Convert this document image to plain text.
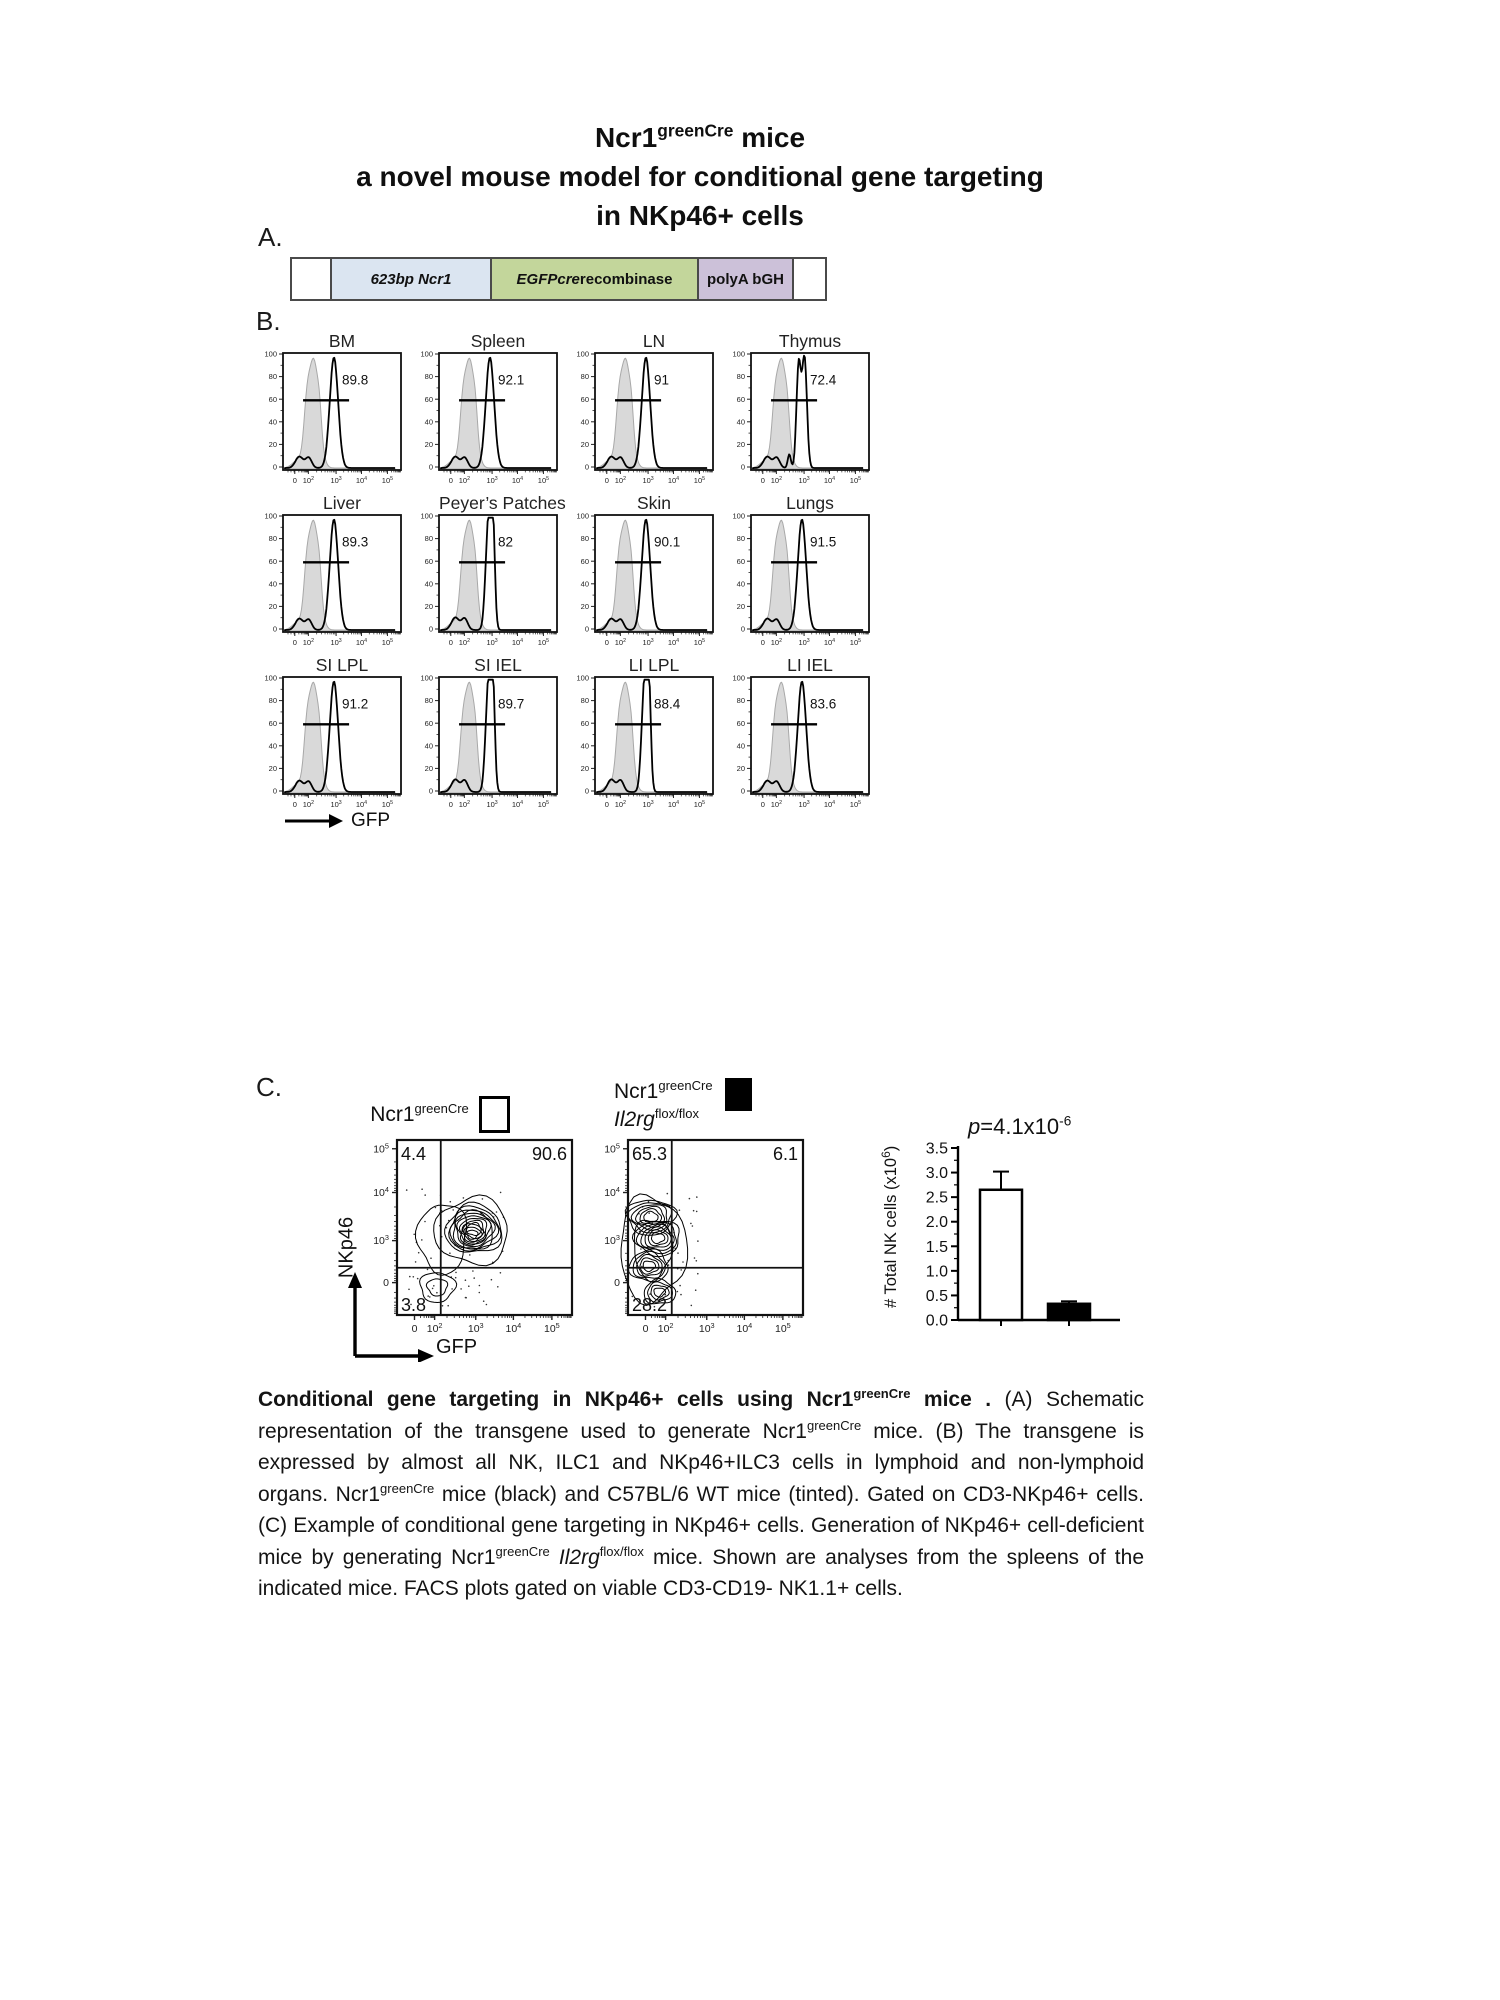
$Ncr1^{greenCre}$ mice
a novel mouse model for conditional gene targeting
in NKp46+ cells
A.
623bp Ncr1	EGFPcre recombinase polyA bGH
B.
BM
100
80
60
40
20
0
0 $10^2$ $10^3$ $10^4$ $10^5$
89.8
Spleen
100
80
60
40
20
0
0 $10^2$ $10^3$ $10^4$ $10^5$
92.1
LN
100
80
60
40
20
0
0 $10^2$ $10^3$ $10^4$ $10^5$
91
Thymus
100
80
60
40
20
0
0 $10^2$ $10^3$ $10^4$ $10^5$
72.4
Liver
100
80
60
40
20
0
0 $10^2$ $10^3$ $10^4$ $10^5$
89.3
Peyer’s Patches
100
80
60
40
20
0
0 $10^2$ $10^3$ $10^4$ $10^5$
82
Skin
100
80
60
40
20
0
0 $10^2$ $10^3$ $10^4$ $10^5$
90.1
Lungs
100
80
60
40
20
0
0 $10^2$ $10^3$ $10^4$ $10^5$
91.5
SI LPL
100
80
60
40
20
0
0 $10^2$ $10^3$ $10^4$ $10^5$
91.2
SI IEL
100
80
60
40
20
0
0 $10^2$ $10^3$ $10^4$ $10^5$
89.7
LI LPL
100
80
60
40
20
0
0 $10^2$ $10^3$ $10^4$ $10^5$
88.4
LI IEL
100
80
60
40
20
0
0 $10^2$ $10^3$ $10^4$ $10^5$
83.6
GFP
C.
$Ncr1^{greenCre}$
$Ncr1^{greenCre}$
$Il2rg^{flox/flox}$
$10^5$
$10^4$
$10^3$
0
0 $10^2$ $10^3$ $10^4$ $10^5$
4.4	90.6
3.8
$10^5$
$10^4$
$10^3$
0
0 $10^2$ $10^3$ $10^4$ $10^5$
65.3	6.1
28.2
NKp46
GFP
0.0
0.5
1.0
1.5
2.0
2.5
3.0
3.5
# Total NK cells $(x10^6)$
$p=4.1x10^{-6}$
Conditional gene targeting in NKp46+ cells using $Ncr1^{greenCre}$ mice . (A) Schematic representation of the transgene used to generate $Ncr1^{greenCre}$ mice. (B) The transgene is expressed by almost all NK, ILC1 and NKp46+ILC3 cells in lymphoid and non-lymphoid organs. $Ncr1^{greenCre}$ mice (black) and C57BL/6 WT mice (tinted). Gated on CD3-NKp46+ cells. (C) Example of conditional gene targeting in NKp46+ cells. Generation of NKp46+ cell-deficient mice by generating $Ncr1^{greenCre}$ $Il2rg^{flox/flox}$ mice. Shown are analyses from the spleens of the indicated mice. FACS plots gated on viable CD3-CD19- NK1.1+ cells.
